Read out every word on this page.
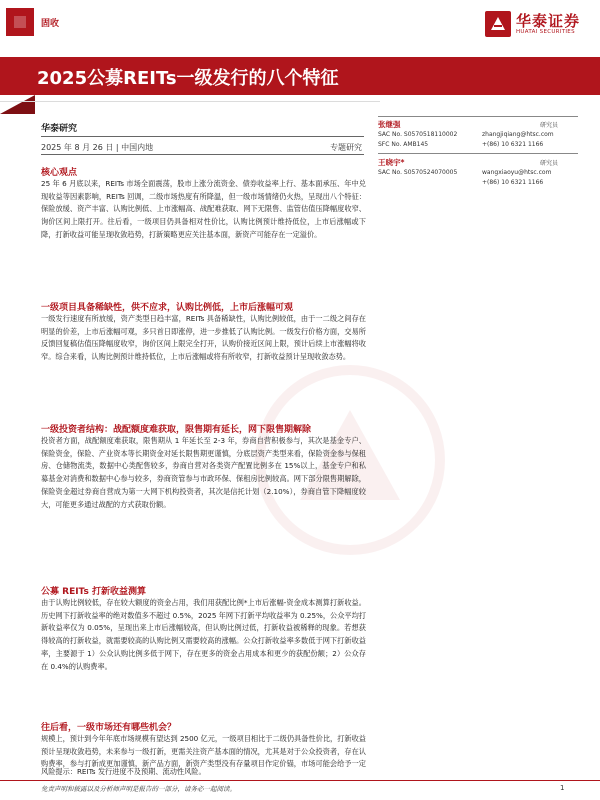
固收	华泰证券
HUATAI SECURITIES
2025公募REITs一级发行的八个特征
华泰研究
2025 年 8 月 26 日 | 中国内地	专题研究
核心观点

25 年 6 月底以来，REITs 市场全面震荡，股市上涨分流资金、债券收益率上行、基本面承压、年中兑现收益等因素影响，REITs 回调，二级市场热度有所降温，但一级市场情绪仍火热，呈现出八个特征：保险放缓、资产丰富、认购比例低、上市涨幅高、战配难获取、网下无限售、监管估值压降幅度收窄、询价区间上限打开。往后看，一级项目仍具备相对性价比，认购比例预计维持低位，上市后涨幅或下降，打新收益可能呈现收敛趋势，打新策略更应关注基本面，新资产可能存在一定溢价。

一级项目具备稀缺性，供不应求，认购比例低，上市后涨幅可观

一级发行速度有所放缓，资产类型日趋丰富，REITs 具备稀缺性，认购比例较低，由于一二级之间存在明显的价差，上市后涨幅可观，多只首日即涨停，进一步推低了认购比例。一级发行价格方面，交易所反馈回复稿估值压降幅度收窄，询价区间上限完全打开，认购价接近区间上限，预计后续上市涨幅将收窄。综合来看，认购比例预计维持低位，上市后涨幅或将有所收窄，打新收益预计呈现收敛态势。

一级投资者结构：战配额度难获取，限售期有延长，网下限售期解除

投资者方面，战配额度难获取，限售期从 1 年延长至 2-3 年，券商自营积极参与，其次是基金专户、保险资金，保险、产业资本等长期资金对延长限售期更谨慎，分底层资产类型来看，保险资金参与保租房、仓储物流类，数据中心类配售较多，券商自营对各类资产配置比例多在 15%以上，基金专户和私募基金对消费和数据中心参与较多，券商资管参与市政环保、保租房比例较高。网下部分限售期解除，保险资金超过券商自营成为第一大网下机构投资者，其次是信托计划（2.10%），券商自管下降幅度较大，可能更多通过战配的方式获取份额。

公募 REITs 打新收益测算

由于认购比例较低，存在较大额度的资金占用，我们用获配比例*上市后涨幅-资金成本测算打新收益。历史网下打新收益率的绝对数值多不超过 0.5%，2025 年网下打新平均收益率为 0.25%，公众平均打新收益率仅为 0.05%，呈现出来上市后涨幅较高，但认购比例过低，打新收益被稀释的现象。若想获得较高的打新收益，就需要较高的认购比例又需要较高的涨幅。公众打新收益率多数低于网下打新收益率，主要源于 1）公众认购比例多低于网下，存在更多的资金占用成本和更少的获配份额；2）公众存在 0.4%的认购费率。

往后看，一级市场还有哪些机会？

规模上，预计到今年年底市场规模有望达到 2500 亿元，一级项目相比于二级仍具备性价比，打新收益预计呈现收敛趋势，未来参与一级打新，更需关注资产基本面的情况，尤其是对于公众投资者，存在认购费率，参与打新成更加谨慎，新产品方面，新资产类型没有存量项目作定价锚，市场可能会给予一定

风险提示：REITs 发行进度不及预期、流动性风险。

张继强	研究员
SAC No. S0570518110002	zhangjiqiang@htsc.com
SFC No. AMB145	+(86) 10 6321 1166
王晓宇*	研究员
SAC No. S0570524070005	wangxiaoyu@htsc.com
+(86) 10 6321 1166
免责声明和披露以及分析师声明是报告的一部分，请务必一起阅读。	1
